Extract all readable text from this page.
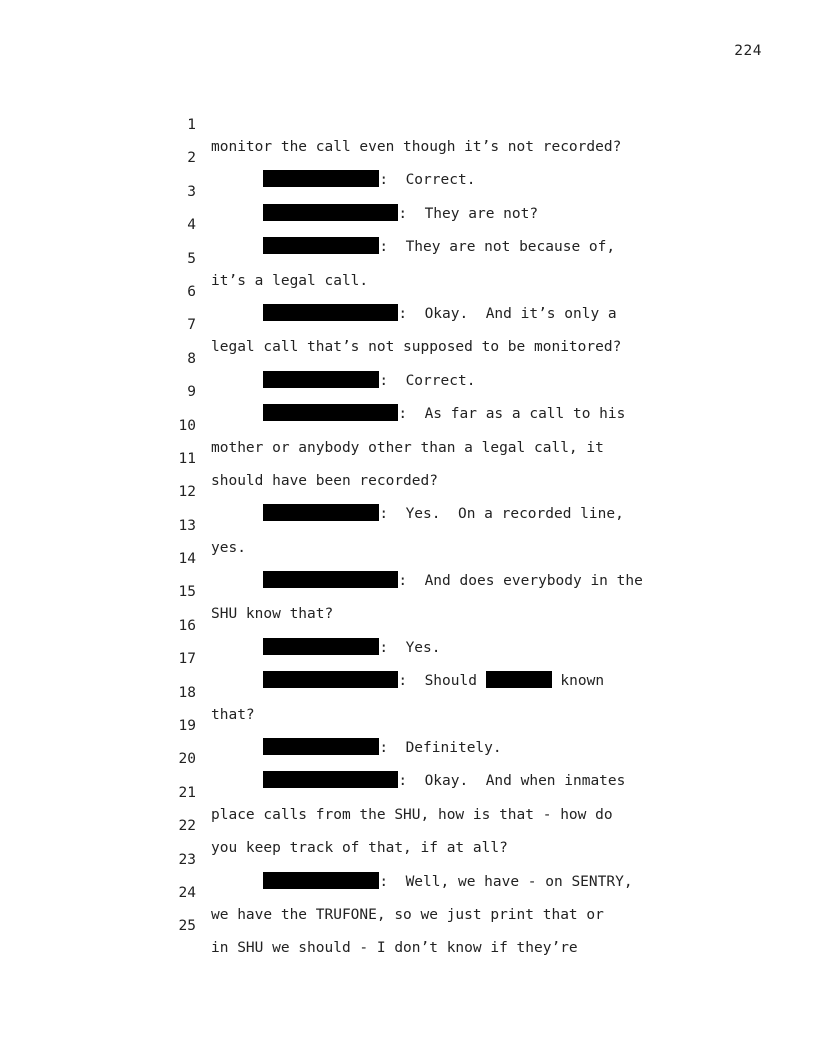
224

1

monitor the call even though it’s not recorded?

2

:  Correct.

3

:  They are not?

4

:  They are not because of,

5

it’s a legal call.

6

:  Okay.  And it’s only a

7

legal call that’s not supposed to be monitored?

8

:  Correct.

9

:  As far as a call to his

10

mother or anybody other than a legal call, it

11

should have been recorded?

12

:  Yes.  On a recorded line,

13

yes.

14

:  And does everybody in the

15

SHU know that?

16

:  Yes.

17

:  Should	known

18

that?

19

:  Definitely.

20

:  Okay.  And when inmates

21

place calls from the SHU, how is that - how do

22

you keep track of that, if at all?

23

:  Well, we have - on SENTRY,

24

we have the TRUFONE, so we just print that or

25

in SHU we should - I don’t know if they’re
